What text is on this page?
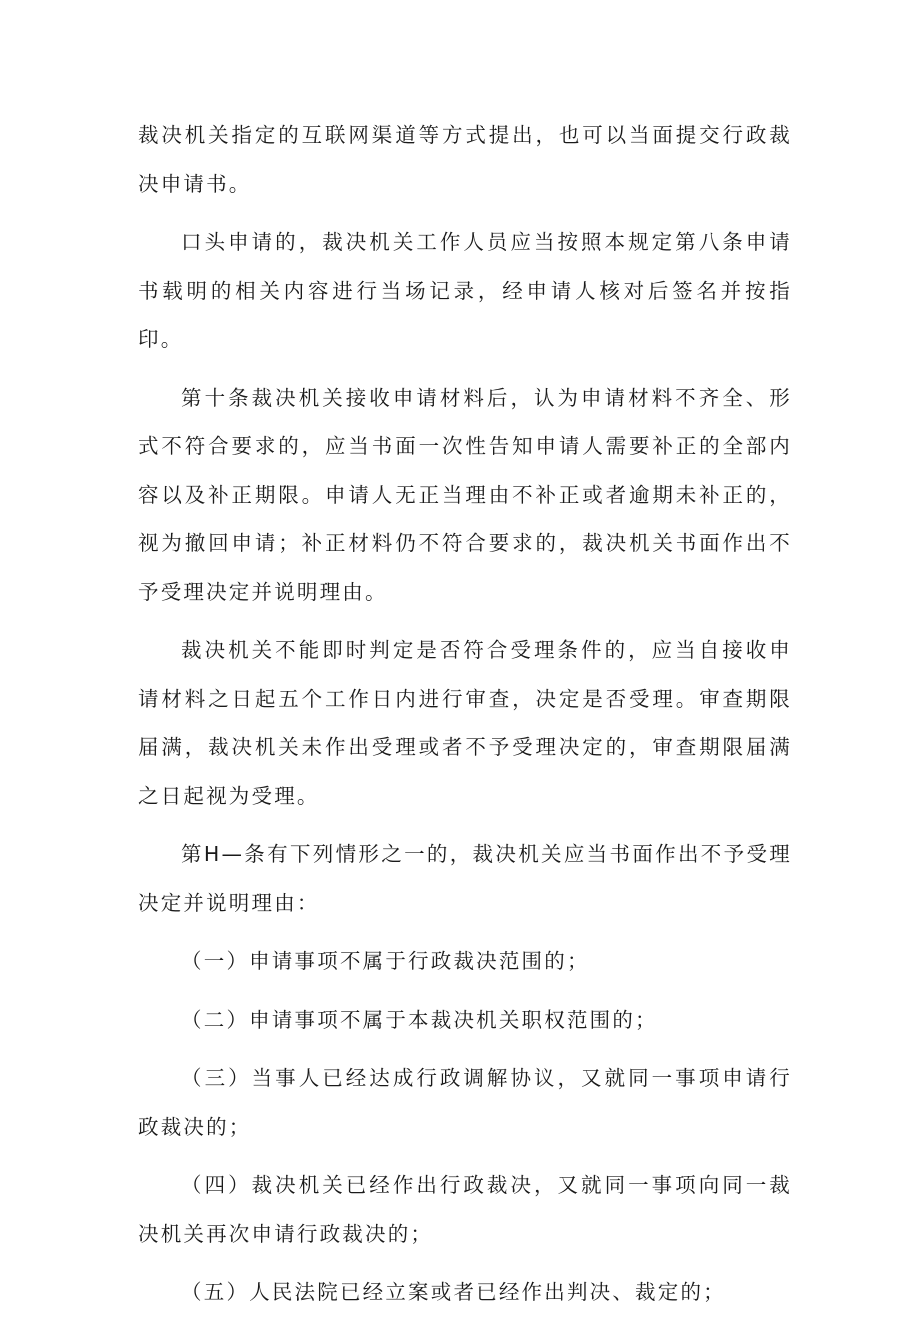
裁决机关指定的互联网渠道等方式提出，也可以当面提交行政裁决申请书。

口头申请的，裁决机关工作人员应当按照本规定第八条申请书载明的相关内容进行当场记录，经申请人核对后签名并按指印。

第十条裁决机关接收申请材料后，认为申请材料不齐全、形式不符合要求的，应当书面一次性告知申请人需要补正的全部内容以及补正期限。申请人无正当理由不补正或者逾期未补正的，视为撤回申请；补正材料仍不符合要求的，裁决机关书面作出不予受理决定并说明理由。

裁决机关不能即时判定是否符合受理条件的，应当自接收申请材料之日起五个工作日内进行审查，决定是否受理。审查期限届满，裁决机关未作出受理或者不予受理决定的，审查期限届满之日起视为受理。

第H—条有下列情形之一的，裁决机关应当书面作出不予受理决定并说明理由：

（一）申请事项不属于行政裁决范围的；

（二）申请事项不属于本裁决机关职权范围的；

（三）当事人已经达成行政调解协议，又就同一事项申请行政裁决的；

（四）裁决机关已经作出行政裁决，又就同一事项向同一裁决机关再次申请行政裁决的；

（五）人民法院已经立案或者已经作出判决、裁定的；
